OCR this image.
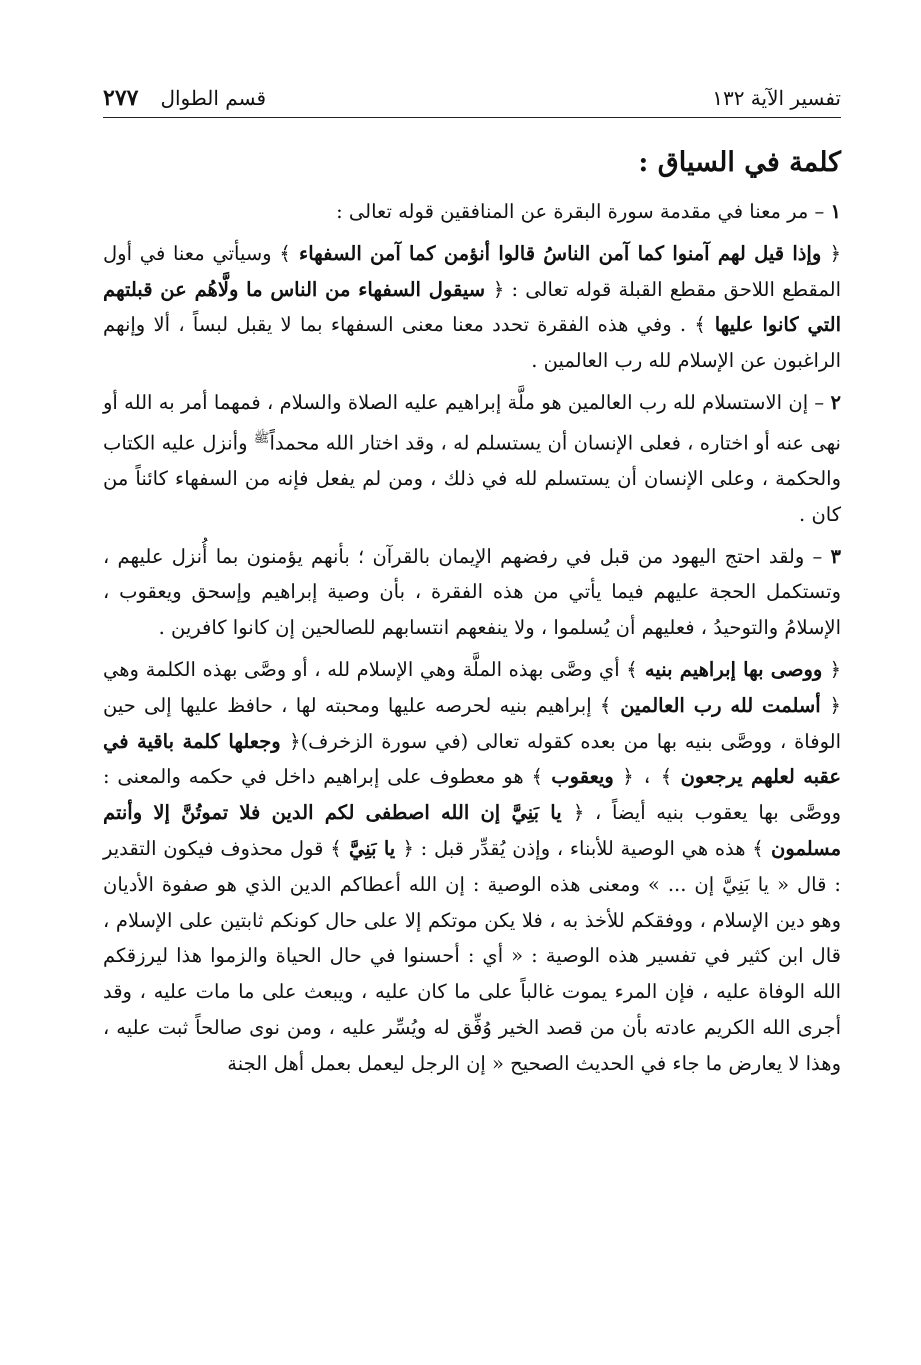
تفسير الآية ١٣٢
قسم الطوال
٢٧٧
كلمة في السياق :

١ – مر معنا في مقدمة سورة البقرة عن المنافقين قوله تعالى :

﴿ وإذا قيل لهم آمنوا كما آمن الناسُ قالوا أنؤمن كما آمن السفهاء ﴾ وسيأتي معنا في أول المقطع اللاحق مقطع القبلة قوله تعالى : ﴿ سيقول السفهاء من الناس ما ولَّاهُم عن قبلتهم التي كانوا عليها ﴾ . وفي هذه الفقرة تحدد معنا معنى السفهاء بما لا يقبل لبساً ، ألا وإنهم الراغبون عن الإسلام لله رب العالمين .

٢ – إن الاستسلام لله رب العالمين هو ملَّة إبراهيم عليه الصلاة والسلام ، فمهما أمر به الله أو نهى عنه أو اختاره ، فعلى الإنسان أن يستسلم له ، وقد اختار الله محمداً$^ﷺ$ وأنزل عليه الكتاب والحكمة ، وعلى الإنسان أن يستسلم لله في ذلك ، ومن لم يفعل فإنه من السفهاء كائناً من كان .

٣ – ولقد احتج اليهود من قبل في رفضهم الإيمان بالقرآن ؛ بأنهم يؤمنون بما أُنزل عليهم ، وتستكمل الحجة عليهم فيما يأتي من هذه الفقرة ، بأن وصية إبراهيم وإسحق ويعقوب ، الإسلامُ والتوحيدُ ، فعليهم أن يُسلموا ، ولا ينفعهم انتسابهم للصالحين إن كانوا كافرين .

﴿ ووصى بها إبراهيم بنيه ﴾ أي وصَّى بهذه الملَّة وهي الإسلام لله ، أو وصَّى بهذه الكلمة وهي ﴿ أسلمت لله رب العالمين ﴾ إبراهيم بنيه لحرصه عليها ومحبته لها ، حافظ عليها إلى حين الوفاة ، ووصَّى بنيه بها من بعده كقوله تعالى (في سورة الزخرف)﴿ وجعلها كلمة باقية في عقبه لعلهم يرجعون ﴾ ، ﴿ ويعقوب ﴾ هو معطوف على إبراهيم داخل في حكمه والمعنى : ووصَّى بها يعقوب بنيه أيضاً ، ﴿ يا بَنِيَّ إن الله اصطفى لكم الدين فلا تموتُنَّ إلا وأنتم مسلمون ﴾ هذه هي الوصية للأبناء ، وإذن يُقدِّر قبل : ﴿ يا بَنِيَّ ﴾ قول محذوف فيكون التقدير : قال « يا بَنِيَّ إن ... » ومعنى هذه الوصية : إن الله أعطاكم الدين الذي هو صفوة الأديان وهو دين الإسلام ، ووفقكم للأخذ به ، فلا يكن موتكم إلا على حال كونكم ثابتين على الإسلام ، قال ابن كثير في تفسير هذه الوصية : « أي : أحسنوا في حال الحياة والزموا هذا ليرزقكم الله الوفاة عليه ، فإن المرء يموت غالباً على ما كان عليه ، ويبعث على ما مات عليه ، وقد أجرى الله الكريم عادته بأن من قصد الخير وُفِّق له ويُسِّر عليه ، ومن نوى صالحاً ثبت عليه ، وهذا لا يعارض ما جاء في الحديث الصحيح « إن الرجل ليعمل بعمل أهل الجنة
